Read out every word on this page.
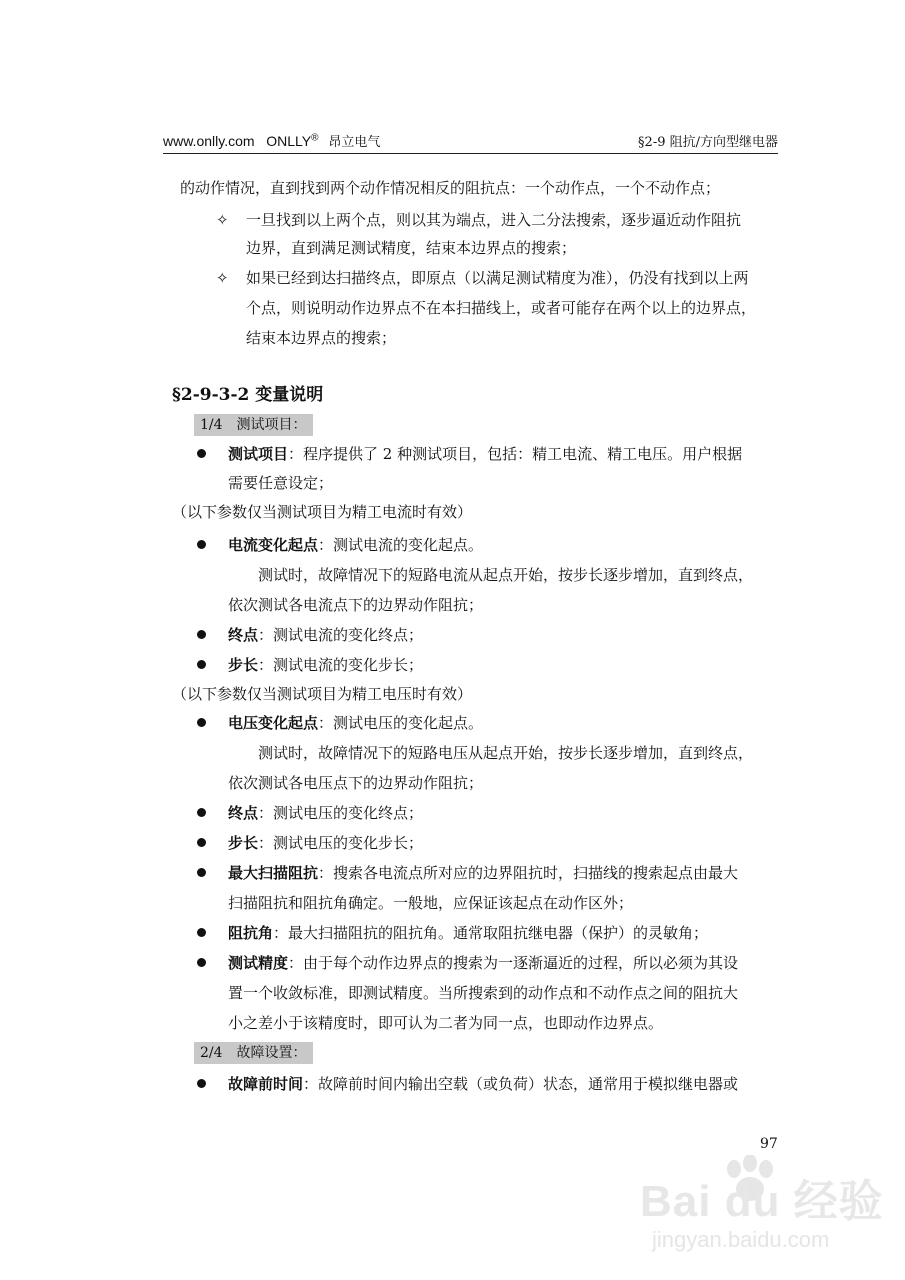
www.onlly.com ONLLY® 昂立电气	§2-9 阻抗/方向型继电器
的动作情况，直到找到两个动作情况相反的阻抗点：一个动作点，一个不动作点；
✧ 一旦找到以上两个点，则以其为端点，进入二分法搜索，逐步逼近动作阻抗
边界，直到满足测试精度，结束本边界点的搜索；
✧ 如果已经到达扫描终点，即原点（以满足测试精度为准），仍没有找到以上两
个点，则说明动作边界点不在本扫描线上，或者可能存在两个以上的边界点，
结束本边界点的搜索；
§2-9-3-2 变量说明
1/4　测试项目：
测试项目：程序提供了 2 种测试项目，包括：精工电流、精工电压。用户根据
需要任意设定；
（以下参数仅当测试项目为精工电流时有效）
电流变化起点：测试电流的变化起点。
测试时，故障情况下的短路电流从起点开始，按步长逐步增加，直到终点，
依次测试各电流点下的边界动作阻抗；
终点：测试电流的变化终点；
步长：测试电流的变化步长；
（以下参数仅当测试项目为精工电压时有效）
电压变化起点：测试电压的变化起点。
测试时，故障情况下的短路电压从起点开始，按步长逐步增加，直到终点，
依次测试各电压点下的边界动作阻抗；
终点：测试电压的变化终点；
步长：测试电压的变化步长；
最大扫描阻抗：搜索各电流点所对应的边界阻抗时，扫描线的搜索起点由最大
扫描阻抗和阻抗角确定。一般地，应保证该起点在动作区外；
阻抗角：最大扫描阻抗的阻抗角。通常取阻抗继电器（保护）的灵敏角；
测试精度：由于每个动作边界点的搜索为一逐渐逼近的过程，所以必须为其设
置一个收敛标准，即测试精度。当所搜索到的动作点和不动作点之间的阻抗大
小之差小于该精度时，即可认为二者为同一点，也即动作边界点。
2/4　故障设置：
故障前时间：故障前时间内输出空载（或负荷）状态，通常用于模拟继电器或
97
Bai du 经验
jingyan.baidu.com
